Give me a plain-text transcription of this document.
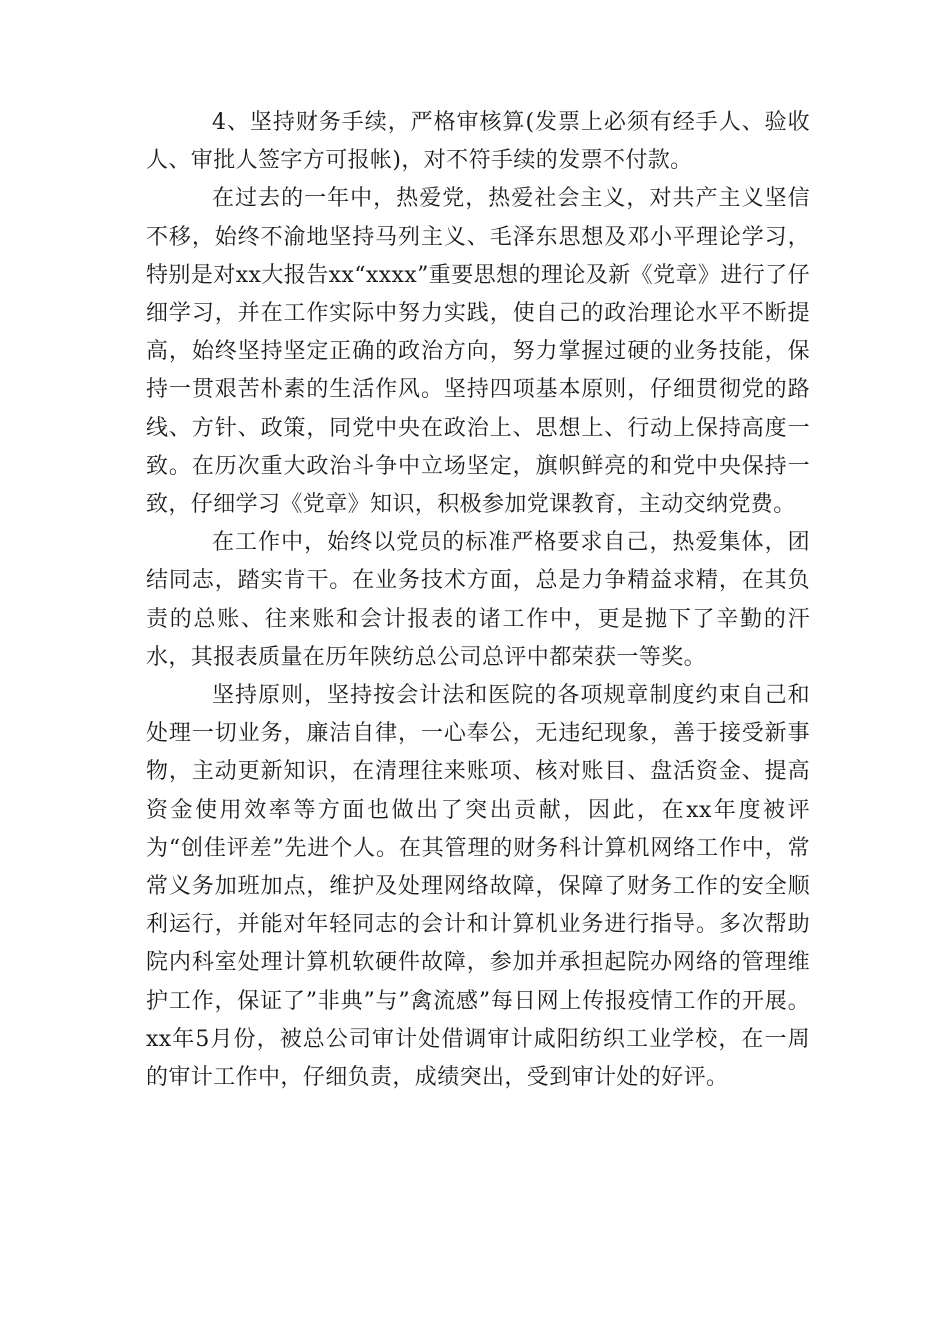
4、坚持财务手续，严格审核算(发票上必须有经手人、验收人、审批人签字方可报帐)，对不符手续的发票不付款。

在过去的一年中，热爱党，热爱社会主义，对共产主义坚信不移，始终不渝地坚持马列主义、毛泽东思想及邓小平理论学习，特别是对xx大报告xx“xxxx”重要思想的理论及新《党章》进行了仔细学习，并在工作实际中努力实践，使自己的政治理论水平不断提高，始终坚持坚定正确的政治方向，努力掌握过硬的业务技能，保持一贯艰苦朴素的生活作风。坚持四项基本原则，仔细贯彻党的路线、方针、政策，同党中央在政治上、思想上、行动上保持高度一致。在历次重大政治斗争中立场坚定，旗帜鲜亮的和党中央保持一致，仔细学习《党章》知识，积极参加党课教育，主动交纳党费。

在工作中，始终以党员的标准严格要求自己，热爱集体，团结同志，踏实肯干。在业务技术方面，总是力争精益求精，在其负责的总账、往来账和会计报表的诸工作中，更是抛下了辛勤的汗水，其报表质量在历年陕纺总公司总评中都荣获一等奖。

坚持原则，坚持按会计法和医院的各项规章制度约束自己和处理一切业务，廉洁自律，一心奉公，无违纪现象，善于接受新事物，主动更新知识，在清理往来账项、核对账目、盘活资金、提高资金使用效率等方面也做出了突出贡献，因此，在xx年度被评为“创佳评差”先进个人。在其管理的财务科计算机网络工作中，常常义务加班加点，维护及处理网络故障，保障了财务工作的安全顺利运行，并能对年轻同志的会计和计算机业务进行指导。多次帮助院内科室处理计算机软硬件故障，参加并承担起院办网络的管理维护工作，保证了”非典”与”禽流感”每日网上传报疫情工作的开展。xx年5月份，被总公司审计处借调审计咸阳纺织工业学校，在一周的审计工作中，仔细负责，成绩突出，受到审计处的好评。
